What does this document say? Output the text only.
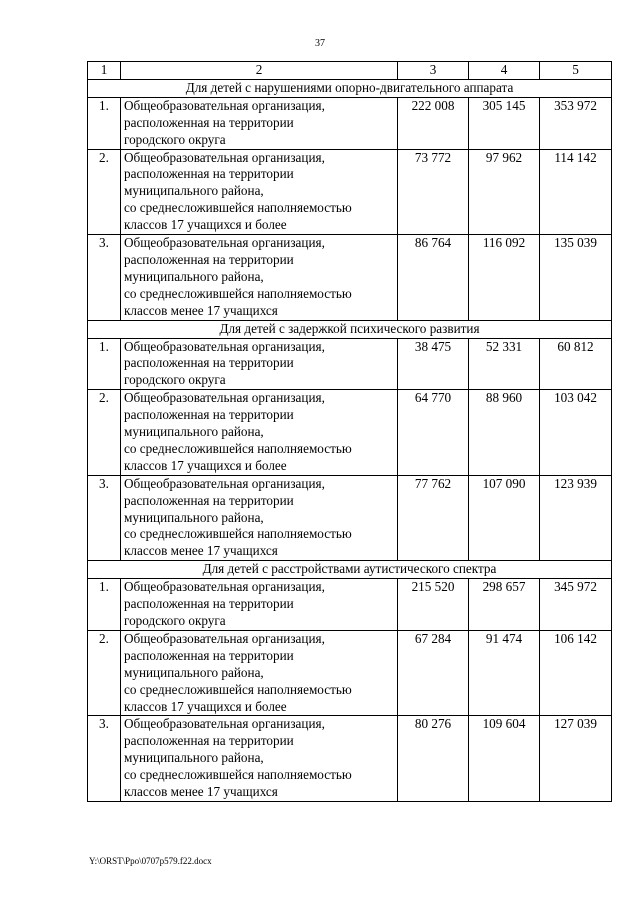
37
1	2	3	4	5
Для детей с нарушениями опорно-двигательного аппарата				
1.	Общеобразовательная организация,
расположенная на территории
городского округа	222 008	305 145	353 972
2.	Общеобразовательная организация,
расположенная на территории
муниципального района,
со среднесложившейся наполняемостью
классов 17 учащихся и более	73 772	97 962	114 142
3.	Общеобразовательная организация,
расположенная на территории
муниципального района,
со среднесложившейся наполняемостью
классов менее 17 учащихся	86 764	116 092	135 039
Для детей с задержкой психического развития				
1.	Общеобразовательная организация,
расположенная на территории
городского округа	38 475	52 331	60 812
2.	Общеобразовательная организация,
расположенная на территории
муниципального района,
со среднесложившейся наполняемостью
классов 17 учащихся и более	64 770	88 960	103 042
3.	Общеобразовательная организация,
расположенная на территории
муниципального района,
со среднесложившейся наполняемостью
классов менее 17 учащихся	77 762	107 090	123 939
Для детей с расстройствами аутистического спектра				
1.	Общеобразовательная организация,
расположенная на территории
городского округа	215 520	298 657	345 972
2.	Общеобразовательная организация,
расположенная на территории
муниципального района,
со среднесложившейся наполняемостью
классов 17 учащихся и более	67 284	91 474	106 142
3.	Общеобразовательная организация,
расположенная на территории
муниципального района,
со среднесложившейся наполняемостью
классов менее 17 учащихся	80 276	109 604	127 039
Y:\ORST\Ppo\0707p579.f22.docx
